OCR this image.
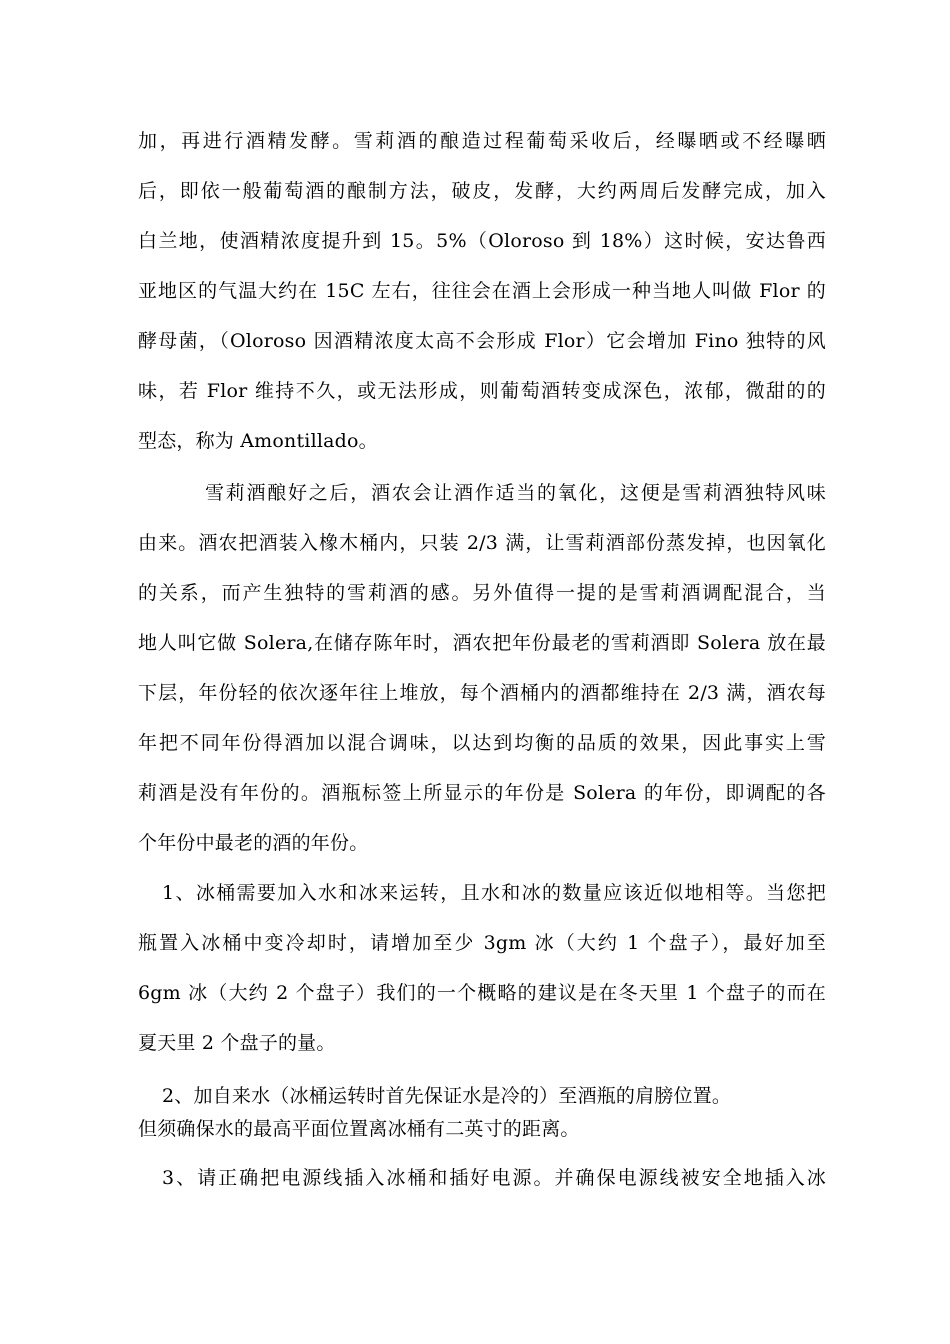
加，再进行酒精发酵。雪莉酒的酿造过程葡萄采收后，经曝晒或不经曝晒
后，即依一般葡萄酒的酿制方法，破皮，发酵，大约两周后发酵完成，加入
白兰地，使酒精浓度提升到 15。5%（Oloroso 到 18%）这时候，安达鲁西
亚地区的气温大约在 15C 左右，往往会在酒上会形成一种当地人叫做 Flor 的
酵母菌，（Oloroso 因酒精浓度太高不会形成 Flor）它会增加 Fino 独特的风
味，若 Flor 维持不久，或无法形成，则葡萄酒转变成深色，浓郁，微甜的的
型态，称为 Amontillado。
雪莉酒酿好之后，酒农会让酒作适当的氧化，这便是雪莉酒独特风味
由来。酒农把酒装入橡木桶内，只装 2/3 满，让雪莉酒部份蒸发掉，也因氧化
的关系，而产生独特的雪莉酒的感。另外值得一提的是雪莉酒调配混合，当
地人叫它做 Solera,在储存陈年时，酒农把年份最老的雪莉酒即 Solera 放在最
下层，年份轻的依次逐年往上堆放，每个酒桶内的酒都维持在 2/3 满，酒农每
年把不同年份得酒加以混合调味，以达到均衡的品质的效果，因此事实上雪
莉酒是没有年份的。酒瓶标签上所显示的年份是 Solera 的年份，即调配的各
个年份中最老的酒的年份。
1、冰桶需要加入水和冰来运转，且水和冰的数量应该近似地相等。当您把
瓶置入冰桶中变冷却时，请增加至少 3gm 冰（大约 1 个盘子），最好加至
6gm 冰（大约 2 个盘子）我们的一个概略的建议是在冬天里 1 个盘子的而在
夏天里 2 个盘子的量。
2、加自来水（冰桶运转时首先保证水是冷的）至酒瓶的肩膀位置。
但须确保水的最高平面位置离冰桶有二英寸的距离。
3、请正确把电源线插入冰桶和插好电源。并确保电源线被安全地插入冰
